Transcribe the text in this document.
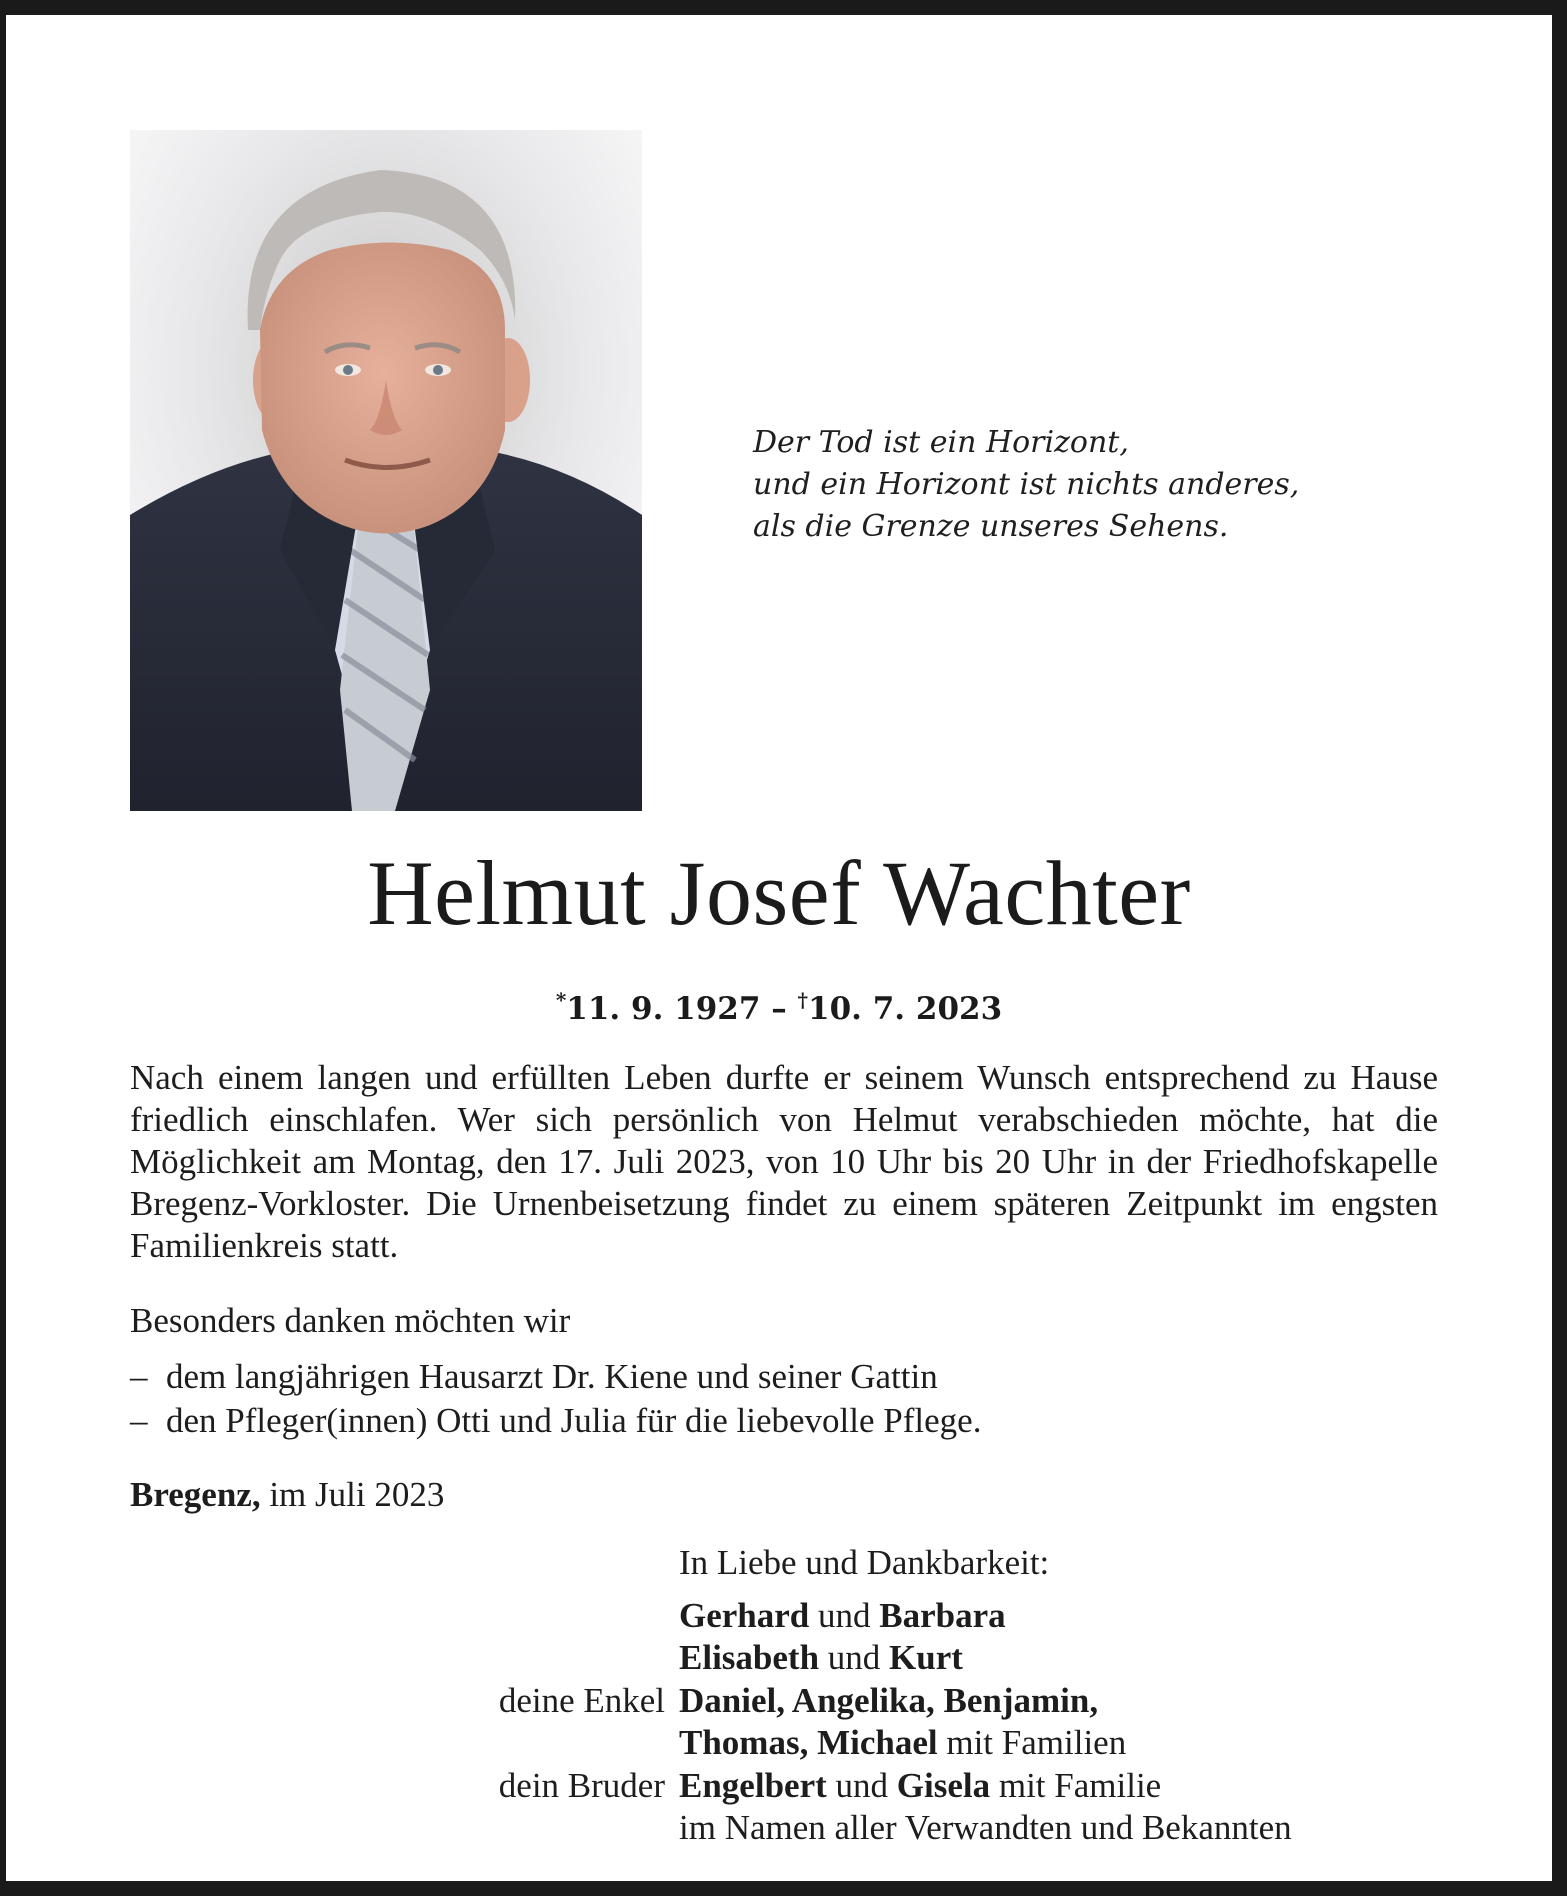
Der Tod ist ein Horizont,
und ein Horizont ist nichts anderes,
als die Grenze unseres Sehens.
Helmut Josef Wachter
*11. 9. 1927 – †10. 7. 2023
Nach einem langen und erfüllten Leben durfte er seinem Wunsch entsprechend zu Hause friedlich einschlafen. Wer sich persönlich von Helmut verabschieden möchte, hat die Möglichkeit am Montag, den 17. Juli 2023, von 10 Uhr bis 20 Uhr in der Friedhofskapelle Bregenz-Vorkloster. Die Urnenbeisetzung findet zu einem späteren Zeitpunkt im engsten Familienkreis statt.
Besonders danken möchten wir
– dem langjährigen Hausarzt Dr. Kiene und seiner Gattin
– den Pfleger(innen) Otti und Julia für die liebevolle Pflege.
Bregenz, im Juli 2023
In Liebe und Dankbarkeit:
Gerhard und Barbara
Elisabeth und Kurt
deine Enkel Daniel, Angelika, Benjamin,
Thomas, Michael mit Familien
dein Bruder Engelbert und Gisela mit Familie
im Namen aller Verwandten und Bekannten
